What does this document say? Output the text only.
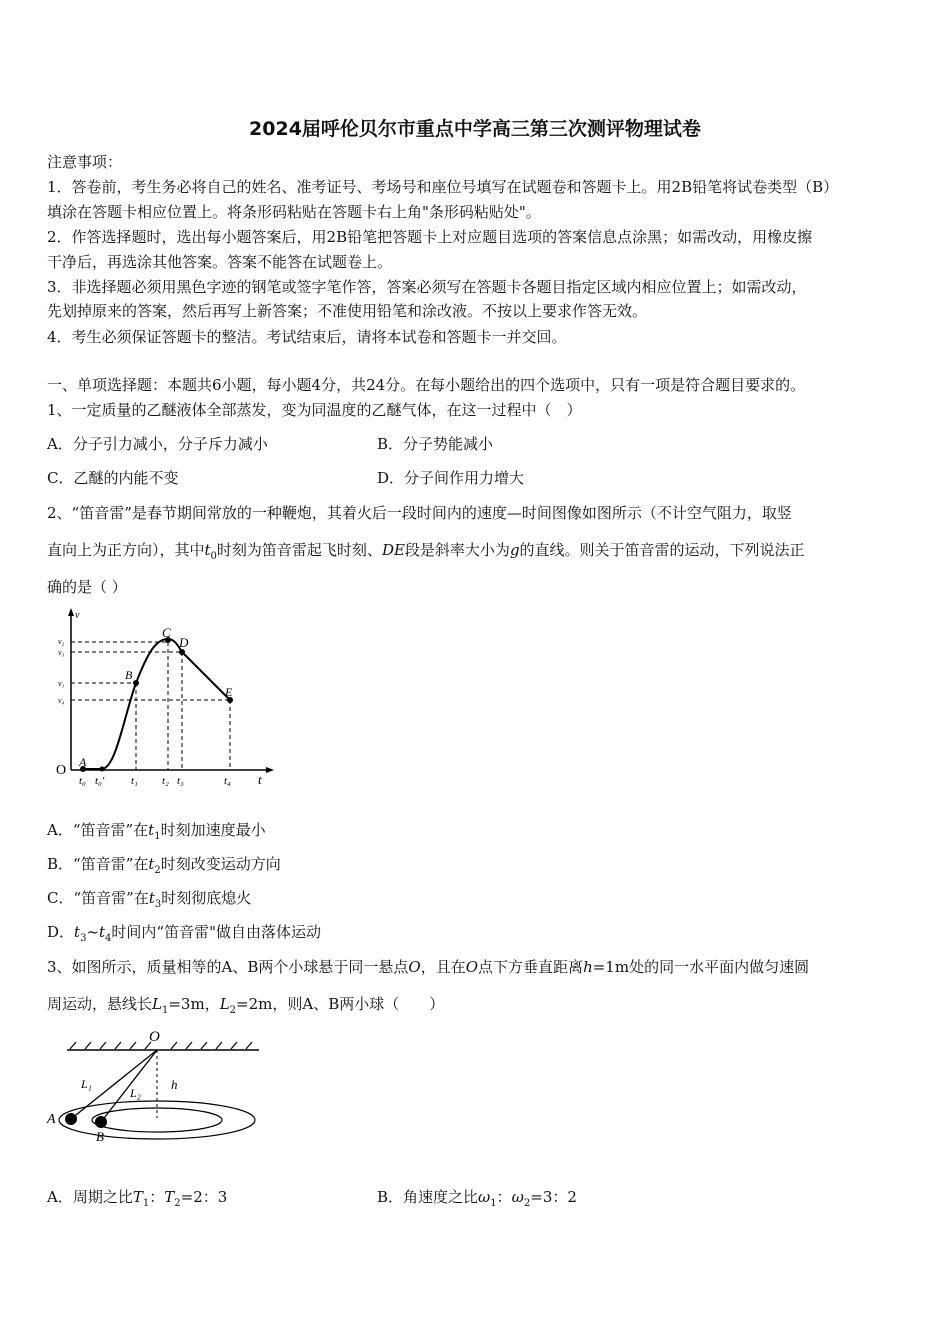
2024届呼伦贝尔市重点中学高三第三次测评物理试卷
注意事项：
1．答卷前，考生务必将自己的姓名、准考证号、考场号和座位号填写在试题卷和答题卡上。用2B铅笔将试卷类型（B）
填涂在答题卡相应位置上。将条形码粘贴在答题卡右上角"条形码粘贴处"。
2．作答选择题时，选出每小题答案后，用2B铅笔把答题卡上对应题目选项的答案信息点涂黑；如需改动，用橡皮擦
干净后，再选涂其他答案。答案不能答在试题卷上。
3．非选择题必须用黑色字迹的钢笔或签字笔作答，答案必须写在答题卡各题目指定区域内相应位置上；如需改动，
先划掉原来的答案，然后再写上新答案；不准使用铅笔和涂改液。不按以上要求作答无效。
4．考生必须保证答题卡的整洁。考试结束后，请将本试卷和答题卡一并交回。
一、单项选择题：本题共6小题，每小题4分，共24分。在每小题给出的四个选项中，只有一项是符合题目要求的。
1、一定质量的乙醚液体全部蒸发，变为同温度的乙醚气体，在这一过程中（　）
A．分子引力减小，分子斥力减小	B．分子势能减小
C．乙醚的内能不变	D．分子间作用力增大
2、“笛音雷”是春节期间常放的一种鞭炮，其着火后一段时间内的速度—时间图像如图所示（不计空气阻力，取竖
直向上为正方向），其中$t_0$时刻为笛音雷起飞时刻、DE段是斜率大小为g的直线。则关于笛音雷的运动，下列说法正
确的是（ ）
v
t
O
A
B
C
D
E
v₂
v₃
v₁
v₄
t₀ t₀′ t₁ t₂ t₃	t₄
A．“笛音雷”在$t_1$时刻加速度最小
B．“笛音雷”在$t_2$时刻改变运动方向
C．“笛音雷”在$t_3$时刻彻底熄火
D．$t_3\sim t_4$时间内“笛音雷"做自由落体运动
3、如图所示，质量相等的A、B两个小球悬于同一悬点O，且在O点下方垂直距离h=1m处的同一水平面内做匀速圆
周运动，悬线长$L_1=3m$，$L_2=2m$，则A、B两小球（　　）
O
L₁
L₂
h
A
B
A．周期之比$T_1$：$T_2=2$：3	B．角速度之比$\omega_1$：$\omega_2=3$：2
